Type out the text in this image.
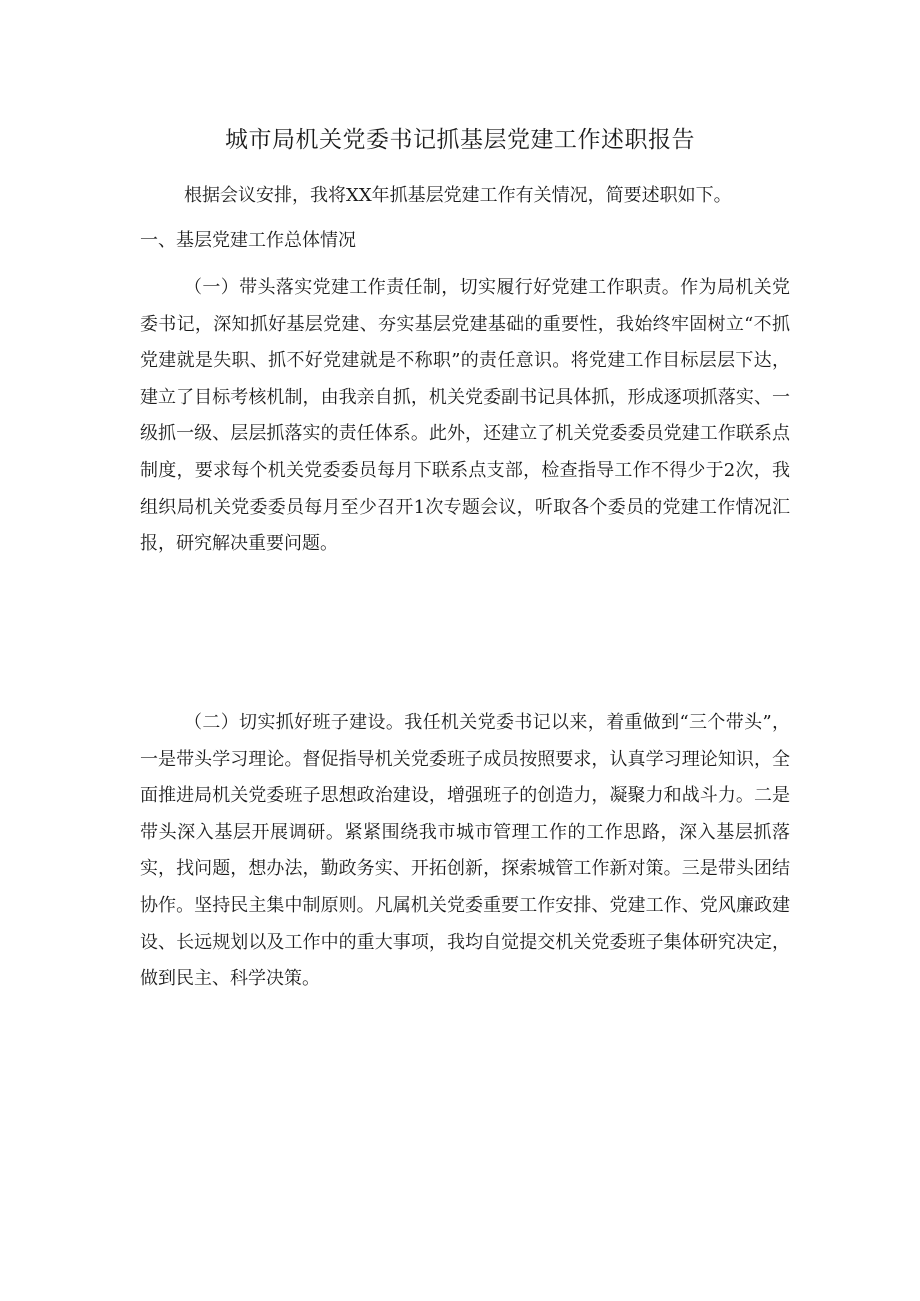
城市局机关党委书记抓基层党建工作述职报告

根据会议安排，我将XX年抓基层党建工作有关情况，简要述职如下。

一、基层党建工作总体情况

（一）带头落实党建工作责任制，切实履行好党建工作职责。作为局机关党委书记，深知抓好基层党建、夯实基层党建基础的重要性，我始终牢固树立“不抓党建就是失职、抓不好党建就是不称职”的责任意识。将党建工作目标层层下达，建立了目标考核机制，由我亲自抓，机关党委副书记具体抓，形成逐项抓落实、一级抓一级、层层抓落实的责任体系。此外，还建立了机关党委委员党建工作联系点制度，要求每个机关党委委员每月下联系点支部，检查指导工作不得少于2次，我组织局机关党委委员每月至少召开1次专题会议，听取各个委员的党建工作情况汇报，研究解决重要问题。

（二）切实抓好班子建设。我任机关党委书记以来，着重做到“三个带头”，一是带头学习理论。督促指导机关党委班子成员按照要求，认真学习理论知识，全面推进局机关党委班子思想政治建设，增强班子的创造力，凝聚力和战斗力。二是带头深入基层开展调研。紧紧围绕我市城市管理工作的工作思路，深入基层抓落实，找问题，想办法，勤政务实、开拓创新，探索城管工作新对策。三是带头团结协作。坚持民主集中制原则。凡属机关党委重要工作安排、党建工作、党风廉政建设、长远规划以及工作中的重大事项，我均自觉提交机关党委班子集体研究决定，做到民主、科学决策。
